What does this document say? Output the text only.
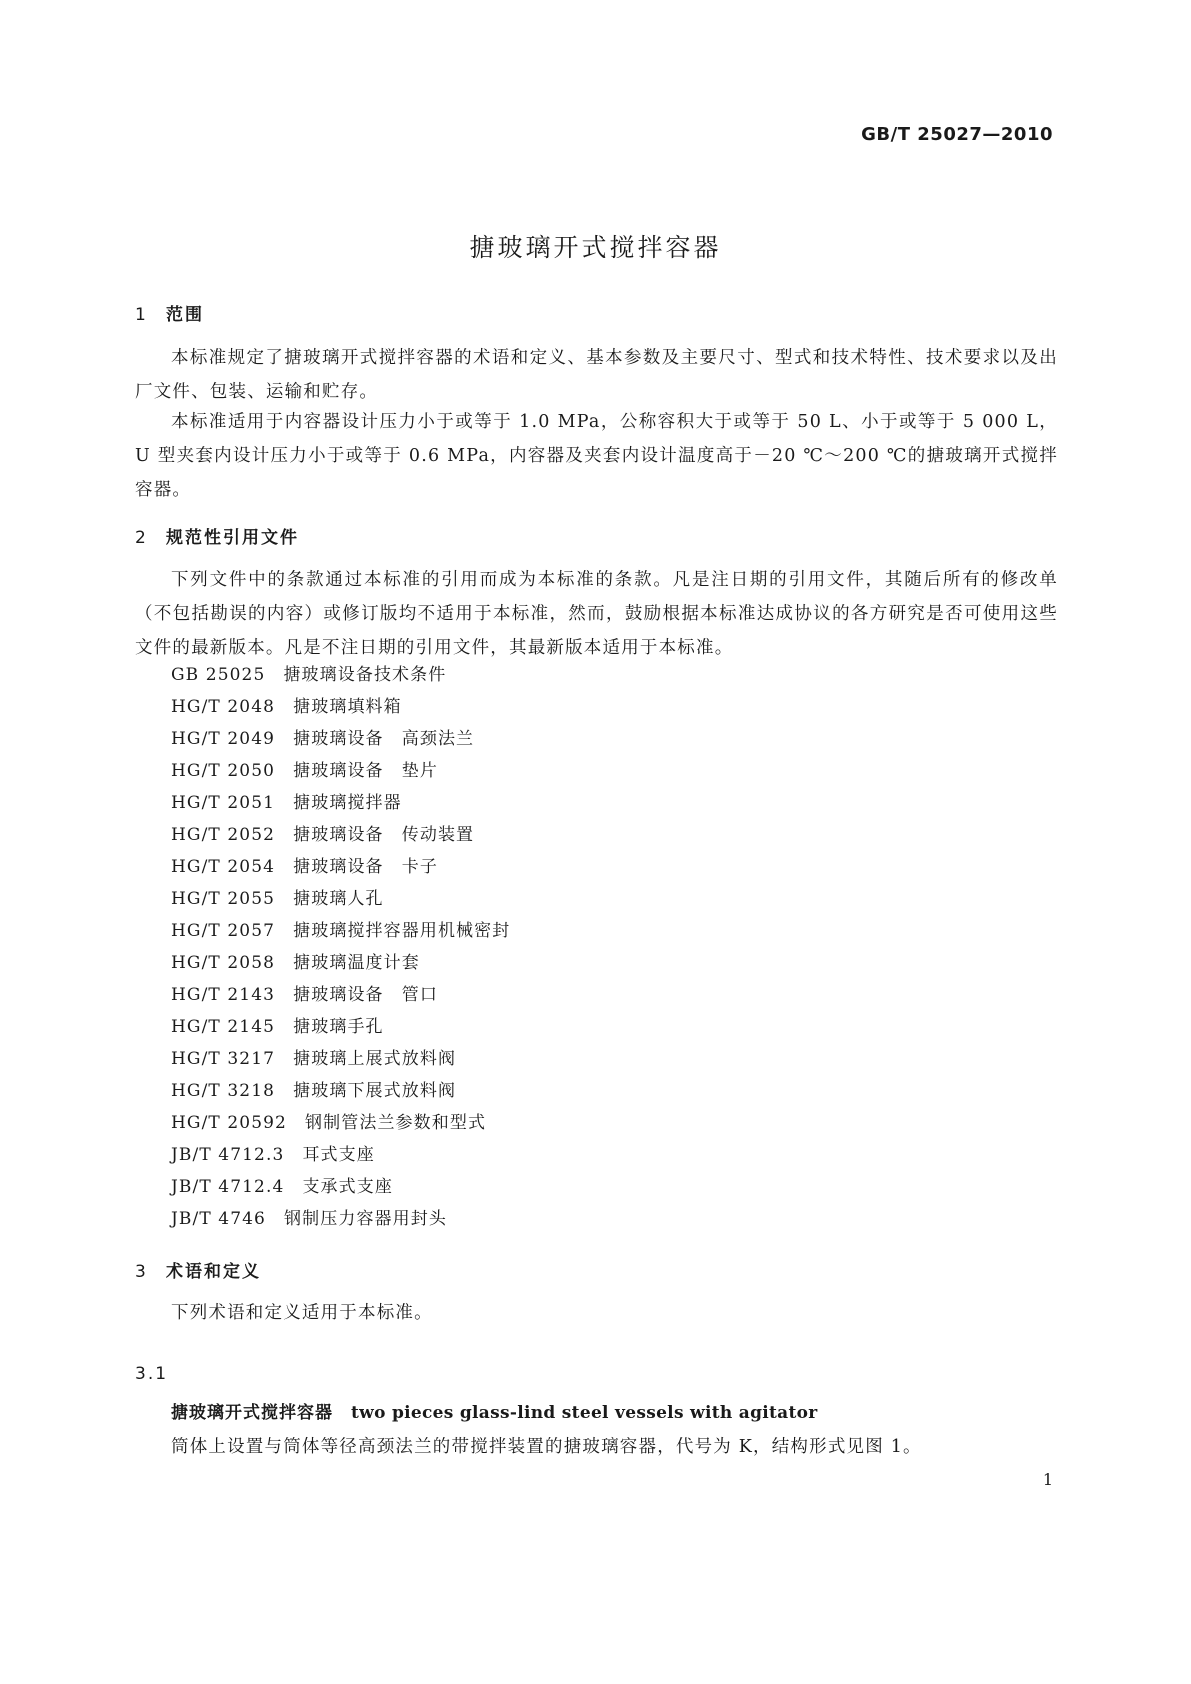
GB/T 25027—2010
搪玻璃开式搅拌容器
1 范围
本标准规定了搪玻璃开式搅拌容器的术语和定义、基本参数及主要尺寸、型式和技术特性、技术要求以及出厂文件、包装、运输和贮存。
本标准适用于内容器设计压力小于或等于 1.0 MPa，公称容积大于或等于 50 L、小于或等于 5 000 L，U 型夹套内设计压力小于或等于 0.6 MPa，内容器及夹套内设计温度高于－20 ℃～200 ℃的搪玻璃开式搅拌容器。
2 规范性引用文件
下列文件中的条款通过本标准的引用而成为本标准的条款。凡是注日期的引用文件，其随后所有的修改单（不包括勘误的内容）或修订版均不适用于本标准，然而，鼓励根据本标准达成协议的各方研究是否可使用这些文件的最新版本。凡是不注日期的引用文件，其最新版本适用于本标准。
GB 25025　搪玻璃设备技术条件
HG/T 2048　搪玻璃填料箱
HG/T 2049　搪玻璃设备　高颈法兰
HG/T 2050　搪玻璃设备　垫片
HG/T 2051　搪玻璃搅拌器
HG/T 2052　搪玻璃设备　传动装置
HG/T 2054　搪玻璃设备　卡子
HG/T 2055　搪玻璃人孔
HG/T 2057　搪玻璃搅拌容器用机械密封
HG/T 2058　搪玻璃温度计套
HG/T 2143　搪玻璃设备　管口
HG/T 2145　搪玻璃手孔
HG/T 3217　搪玻璃上展式放料阀
HG/T 3218　搪玻璃下展式放料阀
HG/T 20592　钢制管法兰参数和型式
JB/T 4712.3　耳式支座
JB/T 4712.4　支承式支座
JB/T 4746　钢制压力容器用封头
3 术语和定义
下列术语和定义适用于本标准。
3.1
搪玻璃开式搅拌容器　 two pieces glass-lind steel vessels with agitator
筒体上设置与筒体等径高颈法兰的带搅拌装置的搪玻璃容器，代号为 K，结构形式见图 1。
1
